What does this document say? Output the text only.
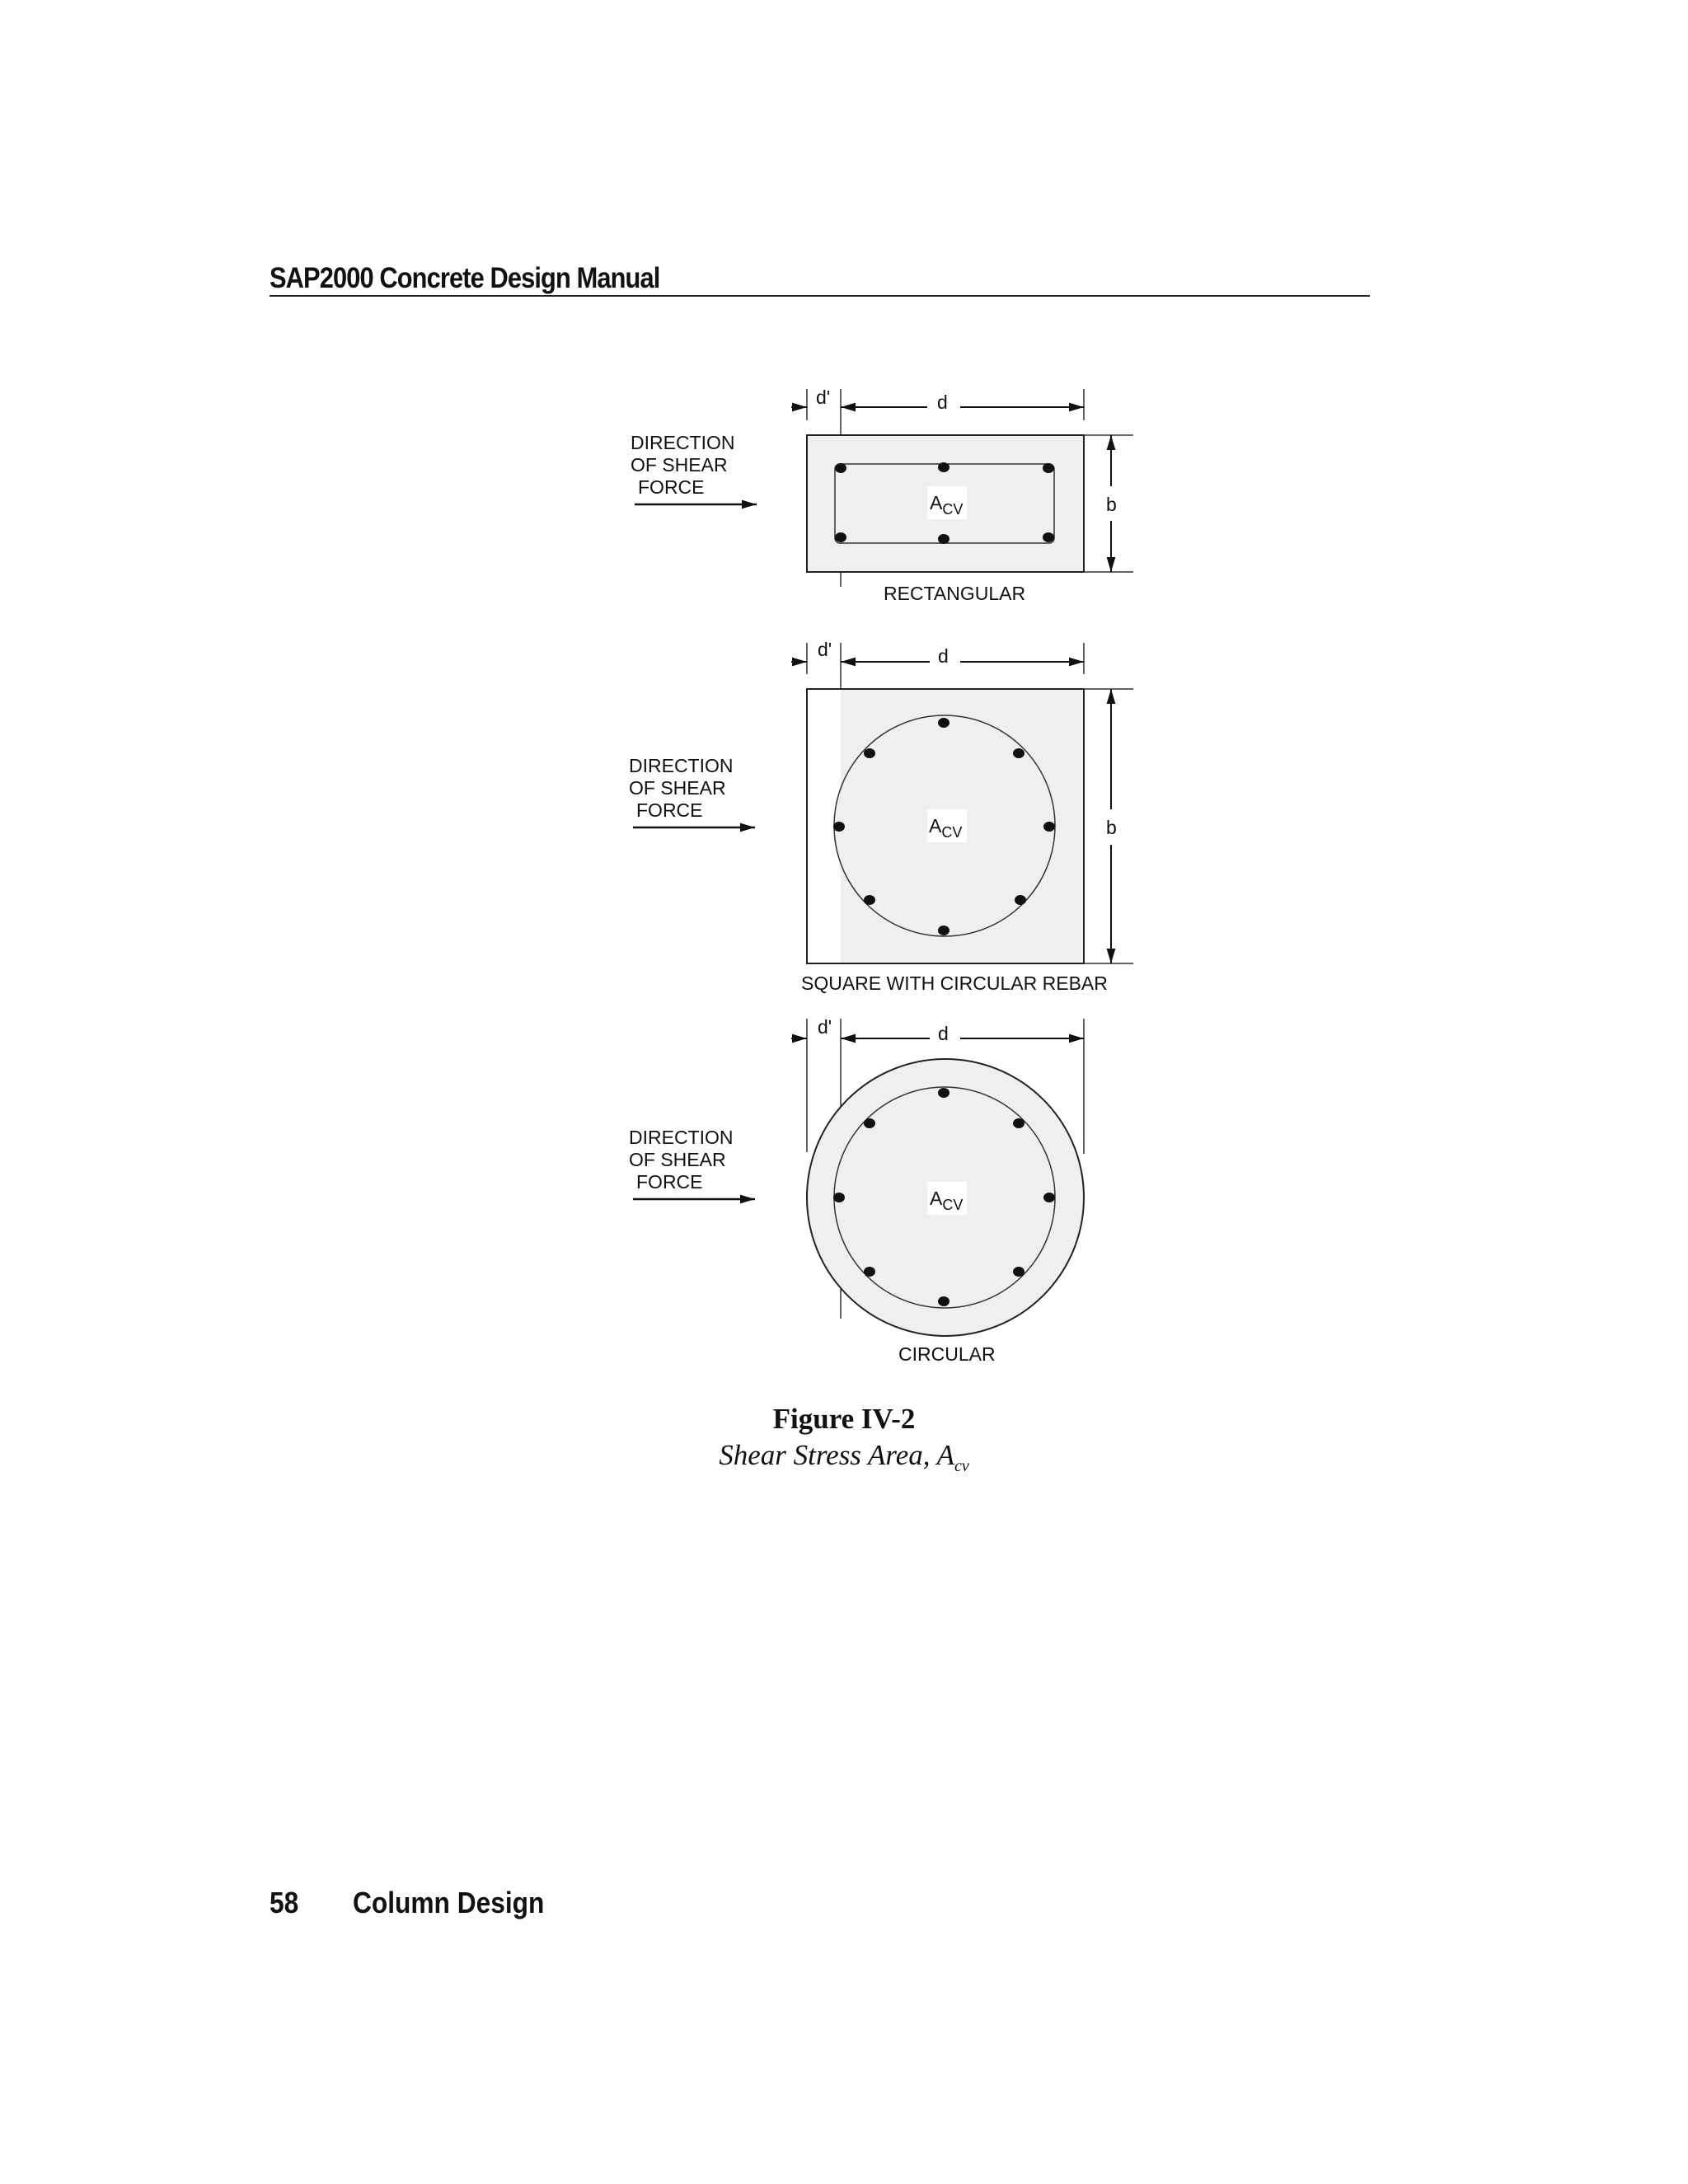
SAP2000 Concrete Design Manual
d'	d
$A_{CV}$	b
DIRECTION
OF SHEAR
FORCE
RECTANGULAR
d'	d
$A_{CV}$	b
DIRECTION
OF SHEAR
FORCE
SQUARE WITH CIRCULAR REBAR
d'	d
$A_{CV}$
DIRECTION
OF SHEAR
FORCE
CIRCULAR
Figure IV-2
Shear Stress Area, $A_{cv}$
58 Column Design
